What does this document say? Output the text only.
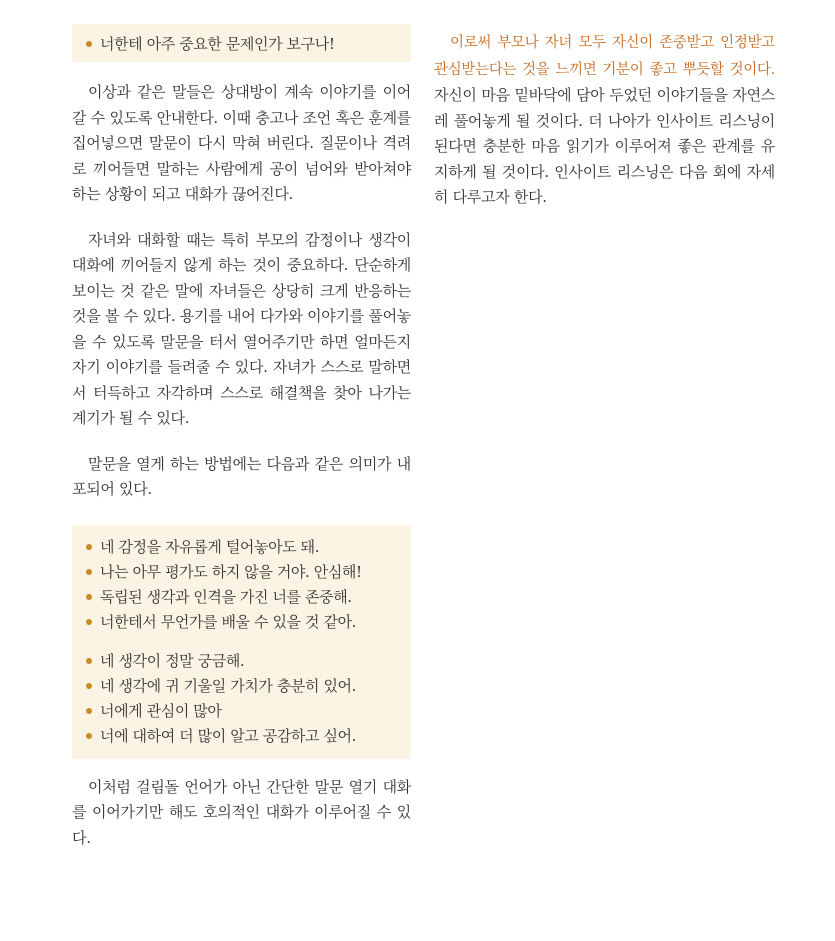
너한테 아주 중요한 문제인가 보구나!

이상과 같은 말들은 상대방이 계속 이야기를 이어갈 수 있도록 안내한다. 이때 충고나 조언 혹은 훈계를 집어넣으면 말문이 다시 막혀 버린다. 질문이나 격려로 끼어들면 말하는 사람에게 공이 넘어와 받아쳐야 하는 상황이 되고 대화가 끊어진다.

자녀와 대화할 때는 특히 부모의 감정이나 생각이 대화에 끼어들지 않게 하는 것이 중요하다. 단순하게 보이는 것 같은 말에 자녀들은 상당히 크게 반응하는 것을 볼 수 있다. 용기를 내어 다가와 이야기를 풀어놓을 수 있도록 말문을 터서 열어주기만 하면 얼마든지 자기 이야기를 들려줄 수 있다. 자녀가 스스로 말하면서 터득하고 자각하며 스스로 해결책을 찾아 나가는 계기가 될 수 있다.

말문을 열게 하는 방법에는 다음과 같은 의미가 내포되어 있다.

네 감정을 자유롭게 털어놓아도 돼.
나는 아무 평가도 하지 않을 거야. 안심해!
독립된 생각과 인격을 가진 너를 존중해.
너한테서 무언가를 배울 수 있을 것 같아.
네 생각이 정말 궁금해.
네 생각에 귀 기울일 가치가 충분히 있어.
너에게 관심이 많아
너에 대하여 더 많이 알고 공감하고 싶어.

이처럼 걸림돌 언어가 아닌 간단한 말문 열기 대화를 이어가기만 해도 호의적인 대화가 이루어질 수 있다.

이로써 부모나 자녀 모두 자신이 존중받고 인정받고 관심받는다는 것을 느끼면 기분이 좋고 뿌듯할 것이다. 자신이 마음 밑바닥에 담아 두었던 이야기들을 자연스레 풀어놓게 될 것이다. 더 나아가 인사이트 리스닝이 된다면 충분한 마음 읽기가 이루어져 좋은 관계를 유지하게 될 것이다. 인사이트 리스닝은 다음 회에 자세히 다루고자 한다.
